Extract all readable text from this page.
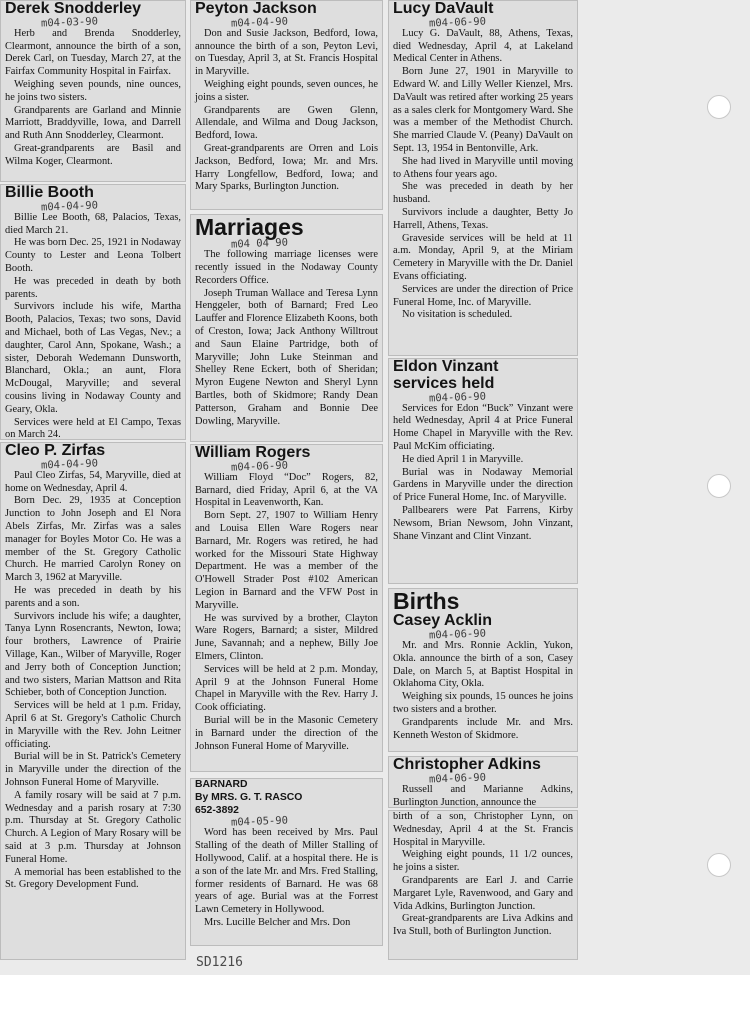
Derek Snodderley
m04-03-90

Herb and Brenda Snodderley, Clearmont, announce the birth of a son, Derek Carl, on Tuesday, March 27, at the Fairfax Community Hospital in Fairfax.

Weighing seven pounds, nine ounces, he joins two sisters.

Grandparents are Garland and Minnie Marriott, Braddyville, Iowa, and Darrell and Ruth Ann Snodderley, Clearmont.

Great-grandparents are Basil and Wilma Koger, Clearmont.

Billie Booth
m04-04-90

Billie Lee Booth, 68, Palacios, Texas, died March 21.

He was born Dec. 25, 1921 in Nodaway County to Lester and Leona Tolbert Booth.

He was preceded in death by both parents.

Survivors include his wife, Martha Booth, Palacios, Texas; two sons, David and Michael, both of Las Vegas, Nev.; a daughter, Carol Ann, Spokane, Wash.; a sister, Deborah Wedemann Dunsworth, Blanchard, Okla.; an aunt, Flora McDougal, Maryville; and several cousins living in Nodaway County and Geary, Okla.

Services were held at El Campo, Texas on March 24.

Cleo P. Zirfas
m04-04-90

Paul Cleo Zirfas, 54, Maryville, died at home on Wednesday, April 4.

Born Dec. 29, 1935 at Conception Junction to John Joseph and El Nora Abels Zirfas, Mr. Zirfas was a sales manager for Boyles Motor Co. He was a member of the St. Gregory Catholic Church. He married Carolyn Roney on March 3, 1962 at Maryville.

He was preceded in death by his parents and a son.

Survivors include his wife; a daughter, Tanya Lynn Rosencrants, Newton, Iowa; four brothers, Lawrence of Prairie Village, Kan., Wilber of Maryville, Roger and Jerry both of Conception Junction; and two sisters, Marian Mattson and Rita Schieber, both of Conception Junction.

Services will be held at 1 p.m. Friday, April 6 at St. Gregory's Catholic Church in Maryville with the Rev. John Leitner officiating.

Burial will be in St. Patrick's Cemetery in Maryville under the direction of the Johnson Funeral Home of Maryville.

A family rosary will be said at 7 p.m. Wednesday and a parish rosary at 7:30 p.m. Thursday at St. Gregory Catholic Church. A Legion of Mary Rosary will be said at 3 p.m. Thursday at Johnson Funeral Home.

A memorial has been established to the St. Gregory Development Fund.

Peyton Jackson
m04-04-90

Don and Susie Jackson, Bedford, Iowa, announce the birth of a son, Peyton Levi, on Tuesday, April 3, at St. Francis Hospital in Maryville.

Weighing eight pounds, seven ounces, he joins a sister.

Grandparents are Gwen Glenn, Allendale, and Wilma and Doug Jackson, Bedford, Iowa.

Great-grandparents are Orren and Lois Jackson, Bedford, Iowa; Mr. and Mrs. Harry Longfellow, Bedford, Iowa; and Mary Sparks, Burlington Junction.

Marriages
m04 04 90

The following marriage licenses were recently issued in the Nodaway County Recorders Office.

Joseph Truman Wallace and Teresa Lynn Henggeler, both of Barnard; Fred Leo Lauffer and Florence Elizabeth Koons, both of Creston, Iowa; Jack Anthony Willtrout and Saun Elaine Partridge, both of Maryville; John Luke Steinman and Shelley Rene Eckert, both of Sheridan; Myron Eugene Newton and Sheryl Lynn Bartles, both of Skidmore; Randy Dean Patterson, Graham and Bonnie Dee Dowling, Maryville.

William Rogers
m04-06-90

William Floyd “Doc” Rogers, 82, Barnard, died Friday, April 6, at the VA Hospital in Leavenworth, Kan.

Born Sept. 27, 1907 to William Henry and Louisa Ellen Ware Rogers near Barnard, Mr. Rogers was retired, he had worked for the Missouri State Highway Department. He was a member of the O'Howell Strader Post #102 American Legion in Barnard and the VFW Post in Maryville.

He was survived by a brother, Clayton Ware Rogers, Barnard; a sister, Mildred June, Savannah; and a nephew, Billy Joe Elmers, Clinton.

Services will be held at 2 p.m. Monday, April 9 at the Johnson Funeral Home Chapel in Maryville with the Rev. Harry J. Cook officiating.

Burial will be in the Masonic Cemetery in Barnard under the direction of the Johnson Funeral Home of Maryville.

BARNARD

By MRS. G. T. RASCO

652-3892

m04-05-90

Word has been received by Mrs. Paul Stalling of the death of Miller Stalling of Hollywood, Calif. at a hospital there. He is a son of the late Mr. and Mrs. Fred Stalling, former residents of Barnard. He was 68 years of age. Burial was at the Forrest Lawn Cemetery in Hollywood.

Mrs. Lucille Belcher and Mrs. Don

Lucy DaVault
m04-06-90

Lucy G. DaVault, 88, Athens, Texas, died Wednesday, April 4, at Lakeland Medical Center in Athens.

Born June 27, 1901 in Maryville to Edward W. and Lilly Weller Kienzel, Mrs. DaVault was retired after working 25 years as a sales clerk for Montgomery Ward. She was a member of the Methodist Church. She married Claude V. (Peany) DaVault on Sept. 13, 1954 in Bentonville, Ark.

She had lived in Maryville until moving to Athens four years ago.

She was preceded in death by her husband.

Survivors include a daughter, Betty Jo Harrell, Athens, Texas.

Graveside services will be held at 11 a.m. Monday, April 9, at the Miriam Cemetery in Maryville with the Dr. Daniel Evans officiating.

Services are under the direction of Price Funeral Home, Inc. of Maryville.

No visitation is scheduled.

Eldon Vinzant
services held
m04-06-90

Services for Edon “Buck” Vinzant were held Wednesday, April 4 at Price Funeral Home Chapel in Maryville with the Rev. Paul McKim officiating.

He died April 1 in Maryville.

Burial was in Nodaway Memorial Gardens in Maryville under the direction of Price Funeral Home, Inc. of Maryville.

Pallbearers were Pat Farrens, Kirby Newsom, Brian Newsom, John Vinzant, Shane Vinzant and Clint Vinzant.

Births
Casey Acklin
m04-06-90

Mr. and Mrs. Ronnie Acklin, Yukon, Okla. announce the birth of a son, Casey Dale, on March 5, at Baptist Hospital in Oklahoma City, Okla.

Weighing six pounds, 15 ounces he joins two sisters and a brother.

Grandparents include Mr. and Mrs. Kenneth Weston of Skidmore.

Christopher Adkins
m04-06-90

Russell and Marianne Adkins, Burlington Junction, announce the

birth of a son, Christopher Lynn, on Wednesday, April 4 at the St. Francis Hospital in Maryville.

Weighing eight pounds, 11 1/2 ounces, he joins a sister.

Grandparents are Earl J. and Carrie Margaret Lyle, Ravenwood, and Gary and Vida Adkins, Burlington Junction.

Great-grandparents are Liva Adkins and Iva Stull, both of Burlington Junction.

SD1216
